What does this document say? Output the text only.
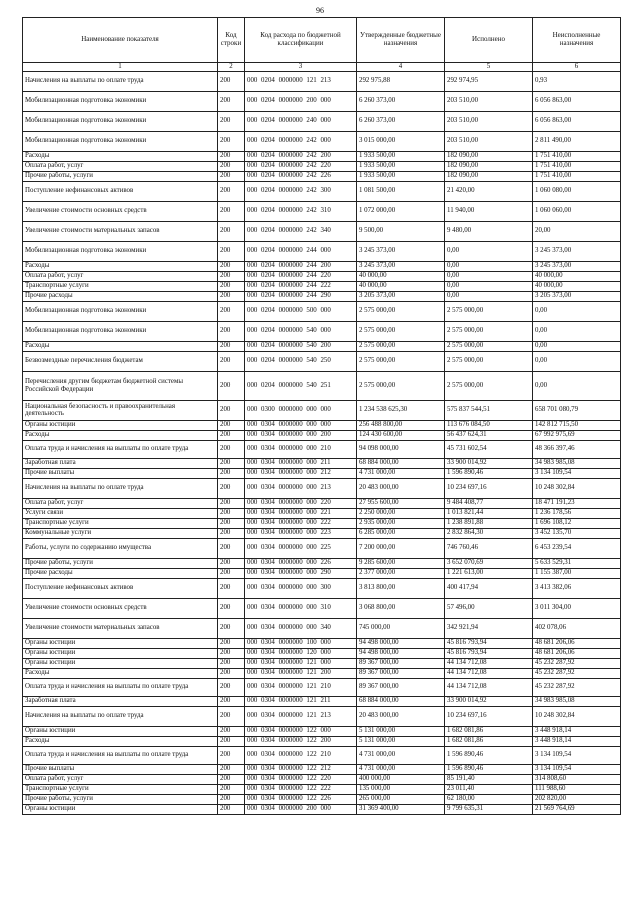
96
Наименование показателя	Код строки	Код расхода по бюджетной классификации	Утвержденные бюджетные назначения	Исполнено	Неисполненные назначения
1	2	3	4	5	6
Начисления на выплаты по оплате труда	200	000 0204 0000000 121 213	292 975,88	292 974,95	0,93
Мобилизационная подготовка экономики	200	000 0204 0000000 200 000	6 260 373,00	203 510,00	6 056 863,00
Мобилизационная подготовка экономики	200	000 0204 0000000 240 000	6 260 373,00	203 510,00	6 056 863,00
Мобилизационная подготовка экономики	200	000 0204 0000000 242 000	3 015 000,00	203 510,00	2 811 490,00
Расходы	200	000 0204 0000000 242 200	1 933 500,00	182 090,00	1 751 410,00
Оплата работ, услуг	200	000 0204 0000000 242 220	1 933 500,00	182 090,00	1 751 410,00
Прочие работы, услуги	200	000 0204 0000000 242 226	1 933 500,00	182 090,00	1 751 410,00
Поступление нефинансовых активов	200	000 0204 0000000 242 300	1 081 500,00	21 420,00	1 060 080,00
Увеличение стоимости основных средств	200	000 0204 0000000 242 310	1 072 000,00	11 940,00	1 060 060,00
Увеличение стоимости материальных запасов	200	000 0204 0000000 242 340	9 500,00	9 480,00	20,00
Мобилизационная подготовка экономики	200	000 0204 0000000 244 000	3 245 373,00	0,00	3 245 373,00
Расходы	200	000 0204 0000000 244 200	3 245 373,00	0,00	3 245 373,00
Оплата работ, услуг	200	000 0204 0000000 244 220	40 000,00	0,00	40 000,00
Транспортные услуги	200	000 0204 0000000 244 222	40 000,00	0,00	40 000,00
Прочие расходы	200	000 0204 0000000 244 290	3 205 373,00	0,00	3 205 373,00
Мобилизационная подготовка экономики	200	000 0204 0000000 500 000	2 575 000,00	2 575 000,00	0,00
Мобилизационная подготовка экономики	200	000 0204 0000000 540 000	2 575 000,00	2 575 000,00	0,00
Расходы	200	000 0204 0000000 540 200	2 575 000,00	2 575 000,00	0,00
Безвозмездные перечисления бюджетам	200	000 0204 0000000 540 250	2 575 000,00	2 575 000,00	0,00
Перечисления другим бюджетам бюджетной системы Российской Федерации	200	000 0204 0000000 540 251	2 575 000,00	2 575 000,00	0,00
Национальная безопасность и правоохранительная деятельность	200	000 0300 0000000 000 000	1 234 538 625,30	575 837 544,51	658 701 080,79
Органы юстиции	200	000 0304 0000000 000 000	256 488 800,00	113 676 084,50	142 812 715,50
Расходы	200	000 0304 0000000 000 200	124 430 600,00	56 437 624,31	67 992 975,69
Оплата труда и начисления на выплаты по оплате труда	200	000 0304 0000000 000 210	94 098 000,00	45 731 602,54	48 366 397,46
Заработная плата	200	000 0304 0000000 000 211	68 884 000,00	33 900 014,92	34 983 985,08
Прочие выплаты	200	000 0304 0000000 000 212	4 731 000,00	1 596 890,46	3 134 109,54
Начисления на выплаты по оплате труда	200	000 0304 0000000 000 213	20 483 000,00	10 234 697,16	10 248 302,84
Оплата работ, услуг	200	000 0304 0000000 000 220	27 955 600,00	9 484 408,77	18 471 191,23
Услуги связи	200	000 0304 0000000 000 221	2 250 000,00	1 013 821,44	1 236 178,56
Транспортные услуги	200	000 0304 0000000 000 222	2 935 000,00	1 238 891,88	1 696 108,12
Коммунальные услуги	200	000 0304 0000000 000 223	6 285 000,00	2 832 864,30	3 452 135,70
Работы, услуги по содержанию имущества	200	000 0304 0000000 000 225	7 200 000,00	746 760,46	6 453 239,54
Прочие работы, услуги	200	000 0304 0000000 000 226	9 285 600,00	3 652 070,69	5 633 529,31
Прочие расходы	200	000 0304 0000000 000 290	2 377 000,00	1 221 613,00	1 155 387,00
Поступление нефинансовых активов	200	000 0304 0000000 000 300	3 813 800,00	400 417,94	3 413 382,06
Увеличение стоимости основных средств	200	000 0304 0000000 000 310	3 068 800,00	57 496,00	3 011 304,00
Увеличение стоимости материальных запасов	200	000 0304 0000000 000 340	745 000,00	342 921,94	402 078,06
Органы юстиции	200	000 0304 0000000 100 000	94 498 000,00	45 816 793,94	48 681 206,06
Органы юстиции	200	000 0304 0000000 120 000	94 498 000,00	45 816 793,94	48 681 206,06
Органы юстиции	200	000 0304 0000000 121 000	89 367 000,00	44 134 712,08	45 232 287,92
Расходы	200	000 0304 0000000 121 200	89 367 000,00	44 134 712,08	45 232 287,92
Оплата труда и начисления на выплаты по оплате труда	200	000 0304 0000000 121 210	89 367 000,00	44 134 712,08	45 232 287,92
Заработная плата	200	000 0304 0000000 121 211	68 884 000,00	33 900 014,92	34 983 985,08
Начисления на выплаты по оплате труда	200	000 0304 0000000 121 213	20 483 000,00	10 234 697,16	10 248 302,84
Органы юстиции	200	000 0304 0000000 122 000	5 131 000,00	1 682 081,86	3 448 918,14
Расходы	200	000 0304 0000000 122 200	5 131 000,00	1 682 081,86	3 448 918,14
Оплата труда и начисления на выплаты по оплате труда	200	000 0304 0000000 122 210	4 731 000,00	1 596 890,46	3 134 109,54
Прочие выплаты	200	000 0304 0000000 122 212	4 731 000,00	1 596 890,46	3 134 109,54
Оплата работ, услуг	200	000 0304 0000000 122 220	400 000,00	85 191,40	314 808,60
Транспортные услуги	200	000 0304 0000000 122 222	135 000,00	23 011,40	111 988,60
Прочие работы, услуги	200	000 0304 0000000 122 226	265 000,00	62 180,00	202 820,00
Органы юстиции	200	000 0304 0000000 200 000	31 369 400,00	9 799 635,31	21 569 764,69
